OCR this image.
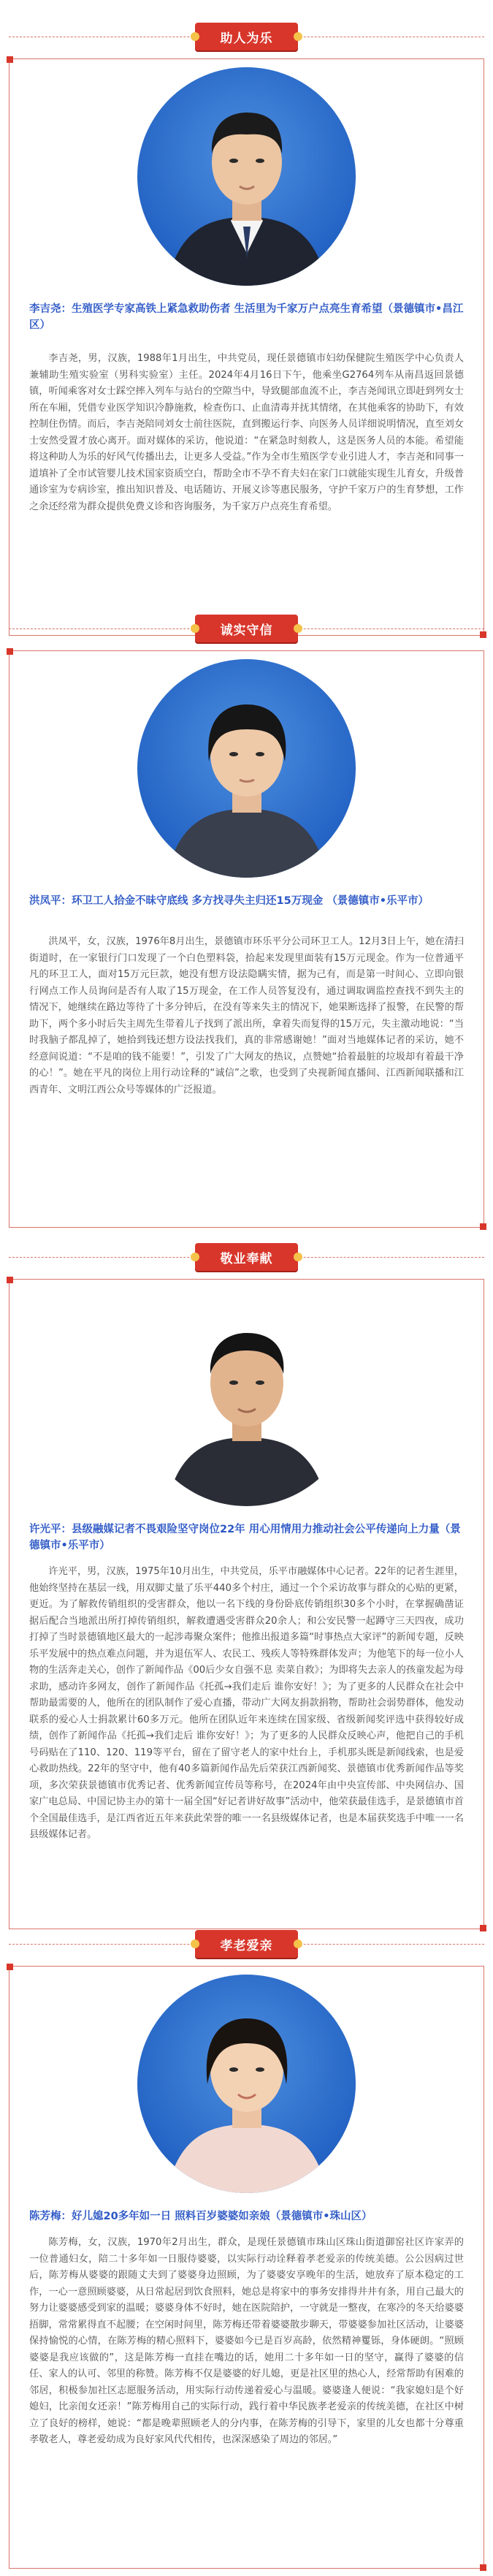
助人为乐
李吉尧：生殖医学专家高铁上紧急救助伤者 生活里为千家万户点亮生育希望（景德镇市•昌江区）

李吉尧，男，汉族，1988年1月出生，中共党员，现任景德镇市妇幼保健院生殖医学中心负责人兼辅助生殖实验室（男科实验室）主任。2024年4月16日下午，他乘坐G2764列车从南昌返回景德镇，听闻乘客对女士踩空摔入列车与站台的空隙当中，导致腿部血流不止，李吉尧闻讯立即赶到列女士所在车厢，凭借专业医学知识冷静施救，检查伤口、止血清毒并抚其情绪，在其他乘客的协助下，有效控制住伤情。而后，李吉尧陪同刘女士前往医院，直到搬运行李、向医务人员详细说明情况，直至刘女士安然受置才放心离开。面对媒体的采访，他说道：“在紧急时刻救人，这是医务人员的本能。希望能将这种助人为乐的好风气传播出去，让更多人受益。”作为全市生殖医学专业引进人才，李吉尧和同事一道填补了全市试管婴儿技术国家资质空白，帮助全市不孕不育夫妇在家门口就能实现生儿育女，升级普通诊室为专病诊室，推出知识普及、电话随访、开展义诊等惠民服务，守护千家万户的生育梦想，工作之余还经常为群众提供免费义诊和咨询服务，为千家万户点亮生育希望。

诚实守信
洪凤平：环卫工人拾金不昧守底线 多方找寻失主归还15万现金 （景德镇市•乐平市）

洪凤平，女，汉族，1976年8月出生，景德镇市环乐平分公司环卫工人。12月3日上午，她在清扫街道时，在一家银行门口发现了一个白色塑料袋，拾起来发现里面装有15万元现金。作为一位普通平凡的环卫工人，面对15万元巨款，她没有想方设法隐瞒实情，据为己有，而是第一时间心、立即向银行网点工作人员询问是否有人取了15万现金，在工作人员答复没有，通过调取调监控查找不到失主的情况下，她继续在路边等待了十多分钟后，在没有等来失主的情况下，她果断选择了报警，在民警的帮助下，两个多小时后失主周先生带着儿子找到了派出所，拿着失而复得的15万元，失主激动地说：“当时我脑子都乱掉了，她拾到钱还想方设法找我们，真的非常感谢她！”面对当地媒体记者的采访，她不经意间说道：“不是咱的钱不能要！”，引发了广大网友的热议，点赞她“拾着最脏的垃圾却有着最干净的心！”。她在平凡的岗位上用行动诠释的“诚信”之歌，也受到了央视新闻直播间、江西新闻联播和江西青年、文明江西公众号等媒体的广泛报道。

敬业奉献
许光平：县级融媒记者不畏艰险坚守岗位22年 用心用情用力推动社会公平传递向上力量（景德镇市•乐平市）

许光平，男，汉族，1975年10月出生，中共党员，乐平市融媒体中心记者。22年的记者生涯里，他始终坚持在基层一线，用双脚丈量了乐平440多个村庄，通过一个个采访故事与群众的心贴的更紧，更近。为了解救传销组织的受害群众，他以一名下线的身份卧底传销组织30多个小时，在掌握确凿证据后配合当地派出所打掉传销组织，解救遭遇受害群众20余人；和公安民警一起蹲守三天四夜，成功打掉了当时景德镇地区最大的一起涉毒聚众案件；他推出报道多篇“时事热点大家评”的新闻专题，反映乐平发展中的热点难点问题，并为退伍军人、农民工、残疾人等特殊群体发声；为他笔下的每一位小人物的生活奔走关心，创作了新闻作品《00后少女自强不息 卖菜自救》；为即将失去亲人的孩童发起为母求助，感动许多网友，创作了新闻作品《托孤→我们走后 谁你安好！》；为了更多的人民群众在社会中帮助最需要的人，他所在的团队制作了爱心直播，带动广大网友捐款捐物，帮助社会弱势群体，他发动联系的爱心人士捐款累计60多万元。他所在团队近年来连续在国家级、省级新闻奖评选中获得较好成绩，创作了新闻作品《托孤→我们走后 谁你安好！》；为了更多的人民群众反映心声，他把自己的手机号码贴在了110、120、119等平台，留在了留守老人的家中灶台上，手机那头既是新闻线索，也是爱心救助热线。22年的坚守中，他有40多篇新闻作品先后荣获江西新闻奖、景德镇市优秀新闻作品等奖项，多次荣获景德镇市优秀记者、优秀新闻宣传员等称号，在2024年由中央宣传部、中央网信办、国家广电总局、中国记协主办的第十一届全国“好记者讲好故事”活动中，他荣获最佳选手，是景德镇市首个全国最佳选手，是江西省近五年来获此荣誉的唯一一名县级媒体记者，也是本届获奖选手中唯一一名县级媒体记者。

孝老爱亲
陈芳梅：好儿媳20多年如一日 照料百岁婆婆如亲娘（景德镇市•珠山区）

陈芳梅，女，汉族，1970年2月出生，群众，是现任景德镇市珠山区珠山街道御窑社区许家弄的一位普通妇女，陪二十多年如一日服侍婆婆，以实际行动诠释着孝老爱亲的传统美德。公公因病过世后，陈芳梅从婆婆的跟随丈夫到了婆婆身边照顾，为了婆婆安享晚年的生活，她放弃了原本稳定的工作，一心一意照顾婆婆，从日常起居到饮食照料，她总是将家中的事务安排得井井有条，用自己最大的努力让婆婆感受到家的温暖；婆婆身体不好时，她在医院陪护，一守就是一整夜，在寒冷的冬天给婆婆捂脚，常常累得直不起腰；在空闲时间里，陈芳梅还带着婆婆散步聊天，带婆婆参加社区活动，让婆婆保持愉悦的心情，在陈芳梅的精心照料下，婆婆如今已是百岁高龄，依然精神矍铄，身体硬朗。“照顾婆婆是我应该做的”，这是陈芳梅一直挂在嘴边的话，她用二十多年如一日的坚守，赢得了婆婆的信任、家人的认可、邻里的称赞。陈芳梅不仅是婆婆的好儿媳，更是社区里的热心人，经常帮助有困难的邻居，积极参加社区志愿服务活动，用实际行动传递着爱心与温暖。婆婆逢人便说：“我家媳妇是个好媳妇，比亲闺女还亲！”陈芳梅用自己的实际行动，践行着中华民族孝老爱亲的传统美德，在社区中树立了良好的榜样，她说：“都是晚辈照顾老人的分内事，在陈芳梅的引导下，家里的儿女也都十分尊重孝敬老人，尊老爱幼成为良好家风代代相传，也深深感染了周边的邻居。”
